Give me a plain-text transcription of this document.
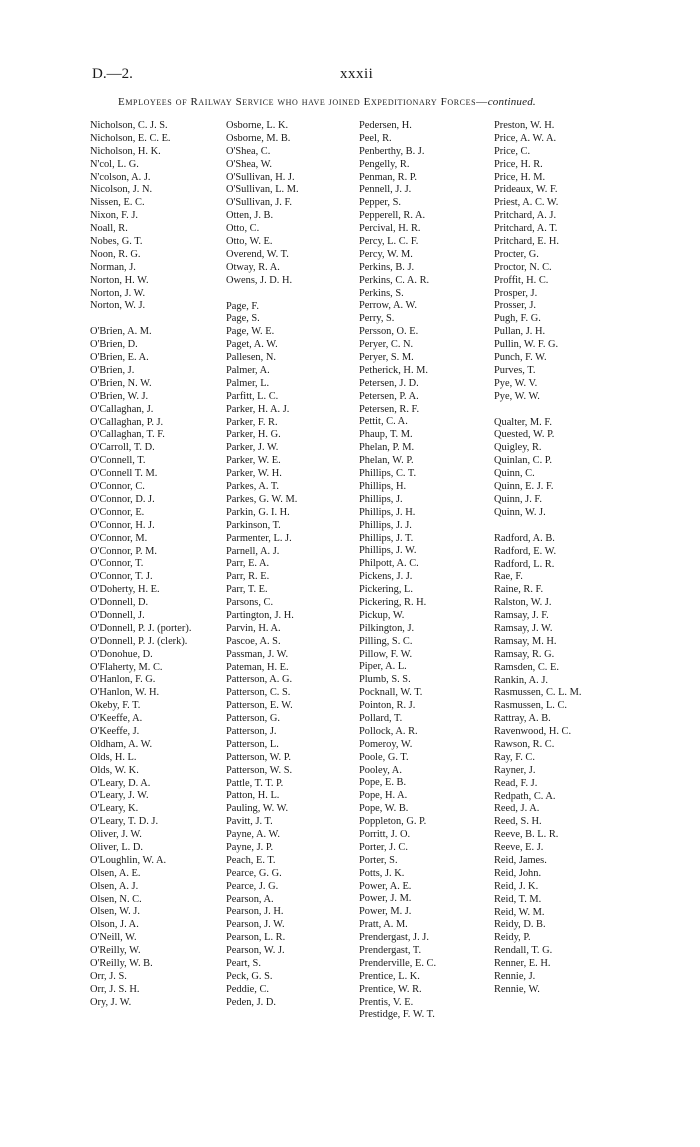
D.—2.	xxxii
Employees of Railway Service who have joined Expeditionary Forces—continued.
Nicholson, C. J. S.
Nicholson, E. C. E.
Nicholson, H. K.
N'col, L. G.
N'colson, A. J.
Nicolson, J. N.
Nissen, E. C.
Nixon, F. J.
Noall, R.
Nobes, G. T.
Noon, R. G.
Norman, J.
Norton, H. W.
Norton, J. W.
Norton, W. J.
O'Brien, A. M.
O'Brien, D.
O'Brien, E. A.
O'Brien, J.
O'Brien, N. W.
O'Brien, W. J.
O'Callaghan, J.
O'Callaghan, P. J.
O'Callaghan, T. F.
O'Carroll, T. D.
O'Connell, T.
O'Connell T. M.
O'Connor, C.
O'Connor, D. J.
O'Connor, E.
O'Connor, H. J.
O'Connor, M.
O'Connor, P. M.
O'Connor, T.
O'Connor, T. J.
O'Doherty, H. E.
O'Donnell, D.
O'Donnell, J.
O'Donnell, P. J. (porter).
O'Donnell, P. J. (clerk).
O'Donohue, D.
O'Flaherty, M. C.
O'Hanlon, F. G.
O'Hanlon, W. H.
Okeby, F. T.
O'Keeffe, A.
O'Keeffe, J.
Oldham, A. W.
Olds, H. L.
Olds, W. K.
O'Leary, D. A.
O'Leary, J. W.
O'Leary, K.
O'Leary, T. D. J.
Oliver, J. W.
Oliver, L. D.
O'Loughlin, W. A.
Olsen, A. E.
Olsen, A. J.
Olsen, N. C.
Olsen, W. J.
Olson, J. A.
O'Neill, W.
O'Reilly, W.
O'Reilly, W. B.
Orr, J. S.
Orr, J. S. H.
Ory, J. W.
Osborne, L. K.
Osborne, M. B.
O'Shea, C.
O'Shea, W.
O'Sullivan, H. J.
O'Sullivan, L. M.
O'Sullivan, J. F.
Otten, J. B.
Otto, C.
Otto, W. E.
Overend, W. T.
Otway, R. A.
Owens, J. D. H.
Page, F.
Page, S.
Page, W. E.
Paget, A. W.
Pallesen, N.
Palmer, A.
Palmer, L.
Parfitt, L. C.
Parker, H. A. J.
Parker, F. R.
Parker, H. G.
Parker, J. W.
Parker, W. E.
Parker, W. H.
Parkes, A. T.
Parkes, G. W. M.
Parkin, G. I. H.
Parkinson, T.
Parmenter, L. J.
Parnell, A. J.
Parr, E. A.
Parr, R. E.
Parr, T. E.
Parsons, C.
Partington, J. H.
Parvin, H. A.
Pascoe, A. S.
Passman, J. W.
Pateman, H. E.
Patterson, A. G.
Patterson, C. S.
Patterson, E. W.
Patterson, G.
Patterson, J.
Patterson, L.
Patterson, W. P.
Patterson, W. S.
Pattle, T. T. P.
Patton, H. L.
Pauling, W. W.
Pavitt, J. T.
Payne, A. W.
Payne, J. P.
Peach, E. T.
Pearce, G. G.
Pearce, J. G.
Pearson, A.
Pearson, J. H.
Pearson, J. W.
Pearson, L. R.
Pearson, W. J.
Peart, S.
Peck, G. S.
Peddie, C.
Peden, J. D.
Pedersen, H.
Peel, R.
Penberthy, B. J.
Pengelly, R.
Penman, R. P.
Pennell, J. J.
Pepper, S.
Pepperell, R. A.
Percival, H. R.
Percy, L. C. F.
Percy, W. M.
Perkins, B. J.
Perkins, C. A. R.
Perkins, S.
Perrow, A. W.
Perry, S.
Persson, O. E.
Peryer, C. N.
Peryer, S. M.
Petherick, H. M.
Petersen, J. D.
Petersen, P. A.
Petersen, R. F.
Pettit, C. A.
Phaup, T. M.
Phelan, P. M.
Phelan, W. P.
Phillips, C. T.
Phillips, H.
Phillips, J.
Phillips, J. H.
Phillips, J. J.
Phillips, J. T.
Phillips, J. W.
Philpott, A. C.
Pickens, J. J.
Pickering, L.
Pickering, R. H.
Pickup, W.
Pilkington, J.
Pilling, S. C.
Pillow, F. W.
Piper, A. L.
Plumb, S. S.
Pocknall, W. T.
Pointon, R. J.
Pollard, T.
Pollock, A. R.
Pomeroy, W.
Poole, G. T.
Pooley, A.
Pope, E. B.
Pope, H. A.
Pope, W. B.
Poppleton, G. P.
Porritt, J. O.
Porter, J. C.
Porter, S.
Potts, J. K.
Power, A. E.
Power, J. M.
Power, M. J.
Pratt, A. M.
Prendergast, J. J.
Prendergast, T.
Prenderville, E. C.
Prentice, L. K.
Prentice, W. R.
Prentis, V. E.
Prestidge, F. W. T.
Preston, W. H.
Price, A. W. A.
Price, C.
Price, H. R.
Price, H. M.
Prideaux, W. F.
Priest, A. C. W.
Pritchard, A. J.
Pritchard, A. T.
Pritchard, E. H.
Procter, G.
Proctor, N. C.
Proffit, H. C.
Prosper, J.
Prosser, J.
Pugh, F. G.
Pullan, J. H.
Pullin, W. F. G.
Punch, F. W.
Purves, T.
Pye, W. V.
Pye, W. W.
Qualter, M. F.
Quested, W. P.
Quigley, R.
Quinlan, C. P.
Quinn, C.
Quinn, E. J. F.
Quinn, J. F.
Quinn, W. J.
Radford, A. B.
Radford, E. W.
Radford, L. R.
Rae, F.
Raine, R. F.
Ralston, W. J.
Ramsay, J. F.
Ramsay, J. W.
Ramsay, M. H.
Ramsay, R. G.
Ramsden, C. E.
Rankin, A. J.
Rasmussen, C. L. M.
Rasmussen, L. C.
Rattray, A. B.
Ravenwood, H. C.
Rawson, R. C.
Ray, F. C.
Rayner, J.
Read, F. J.
Redpath, C. A.
Reed, J. A.
Reed, S. H.
Reeve, B. L. R.
Reeve, E. J.
Reid, James.
Reid, John.
Reid, J. K.
Reid, T. M.
Reid, W. M.
Reidy, D. B.
Reidy, P.
Rendall, T. G.
Renner, E. H.
Rennie, J.
Rennie, W.
